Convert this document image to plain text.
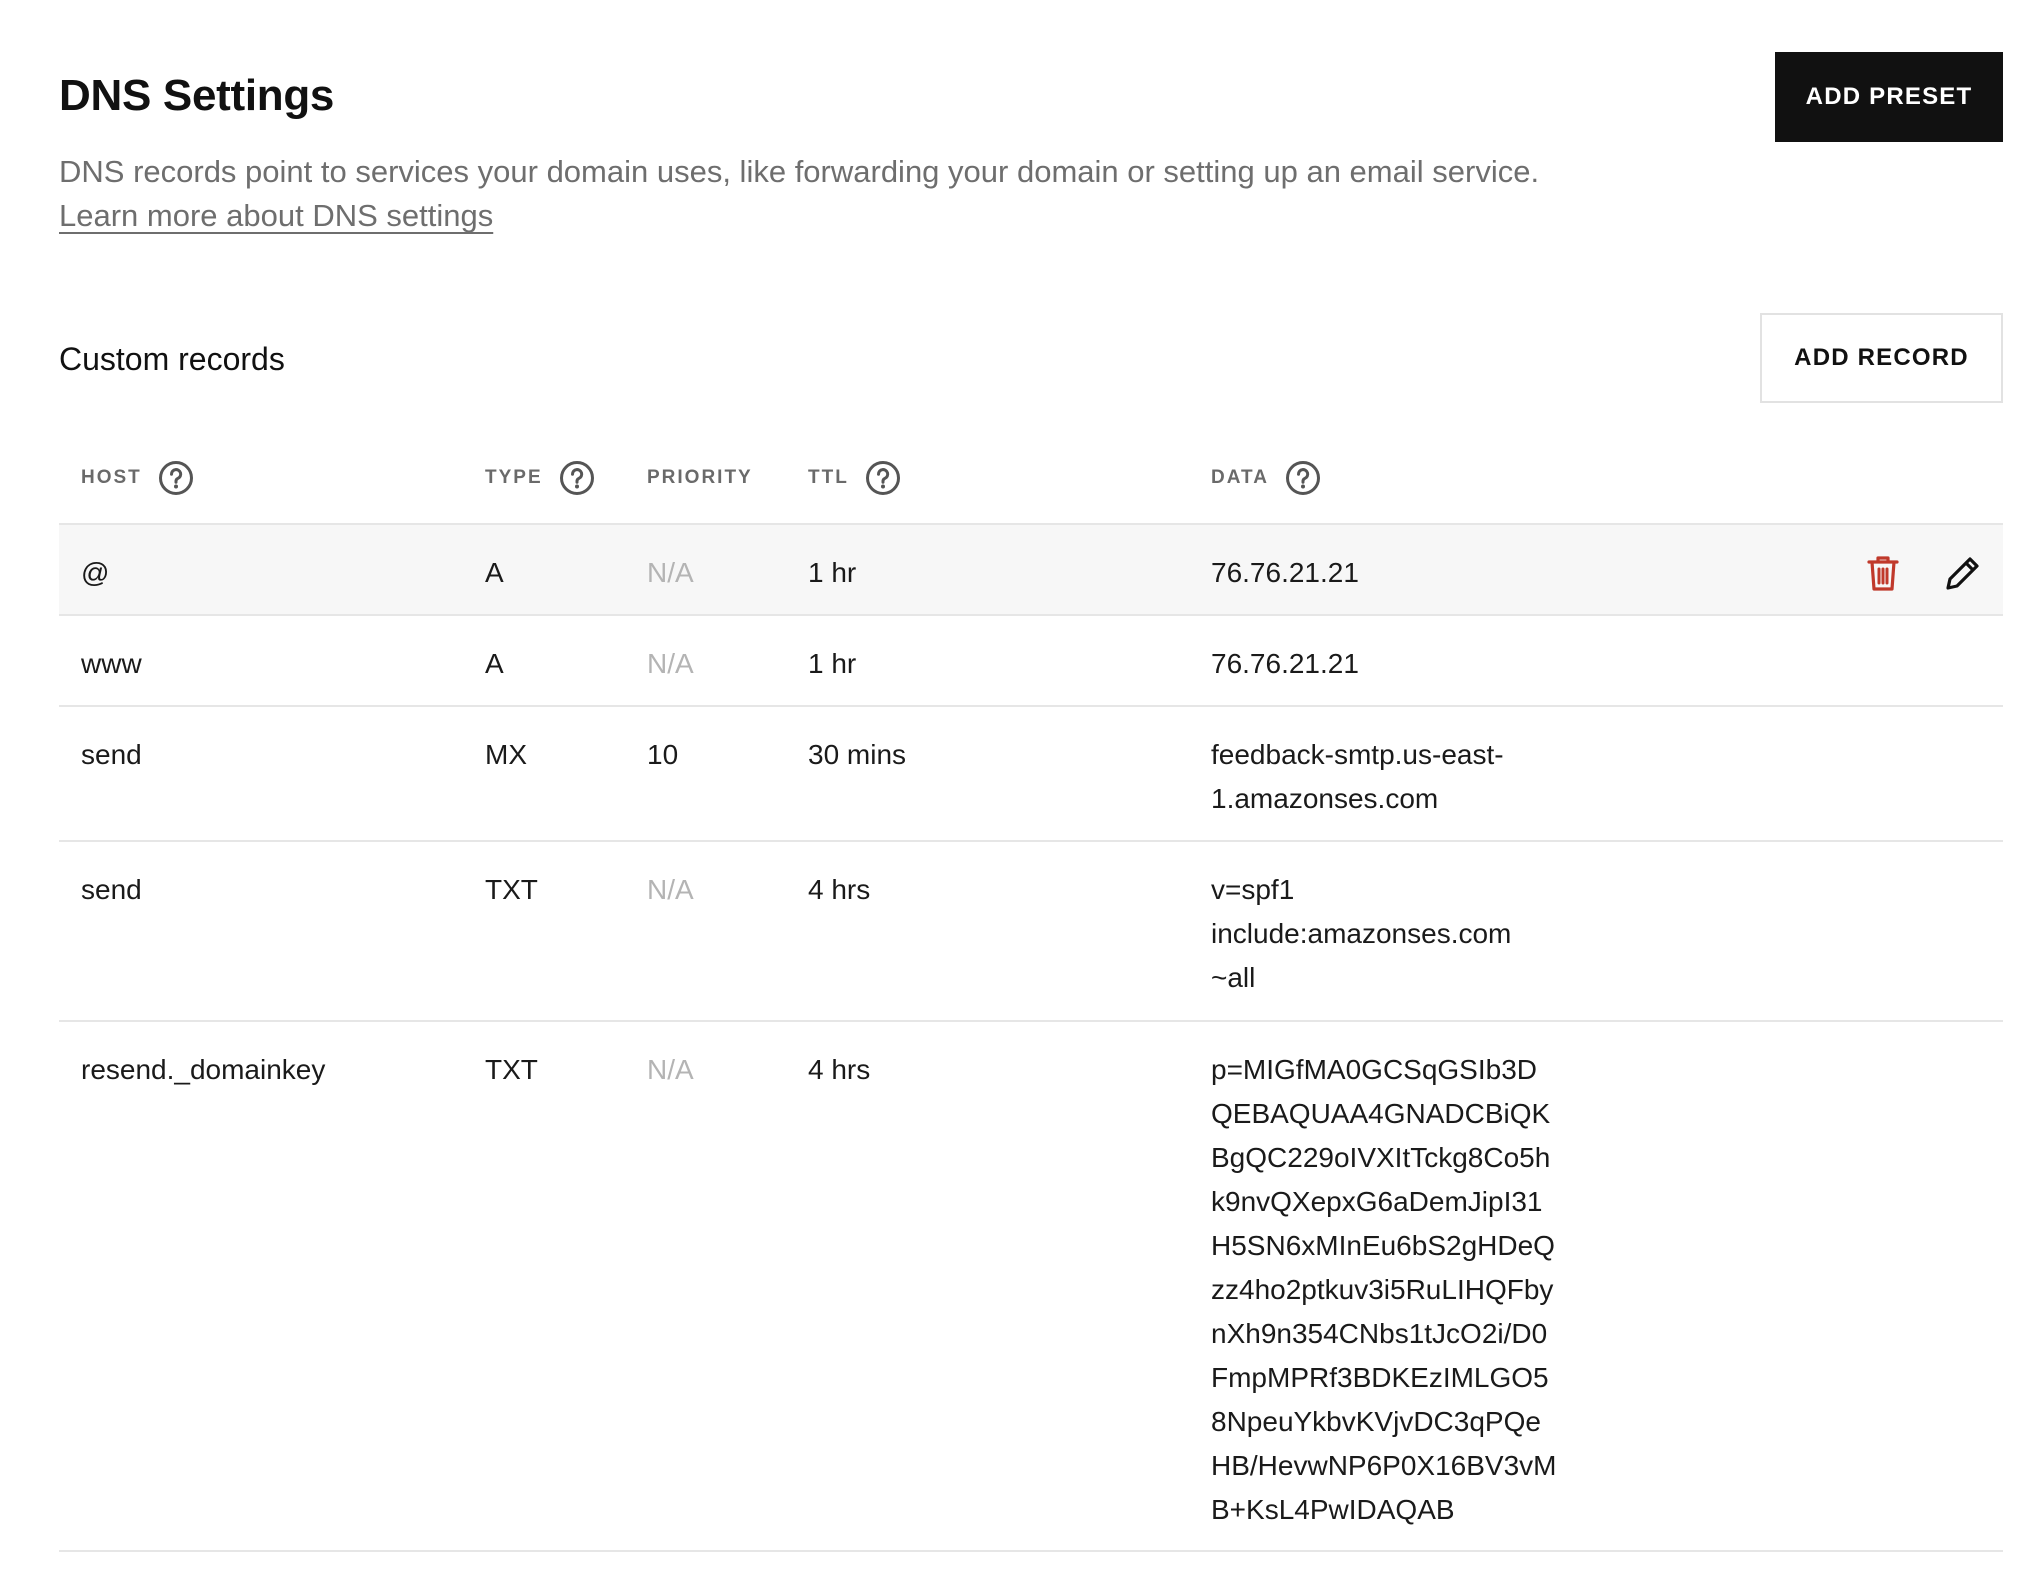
DNS Settings

DNS records point to services your domain uses, like forwarding your domain or setting up an email service.

Learn more about DNS settings
ADD PRESET
Custom records	ADD RECORD
HOST	TYPE	PRIORITY	TTL	DATA
@	A	N/A	1 hr	76.76.21.21
www	A	N/A	1 hr	76.76.21.21
send	MX	10	30 mins	feedback-smtp.us-east-
1.amazonses.com
send	TXT	N/A	4 hrs	v=spf1
include:amazonses.com
~all
resend._domainkey	TXT	N/A	4 hrs	p=MIGfMA0GCSqGSIb3D
QEBAQUAA4GNADCBiQK
BgQC229oIVXItTckg8Co5h
k9nvQXepxG6aDemJipI31
H5SN6xMInEu6bS2gHDeQ
zz4ho2ptkuv3i5RuLIHQFby
nXh9n354CNbs1tJcO2i/D0
FmpMPRf3BDKEzIMLGO5
8NpeuYkbvKVjvDC3qPQe
HB/HevwNP6P0X16BV3vM
B+KsL4PwIDAQAB
